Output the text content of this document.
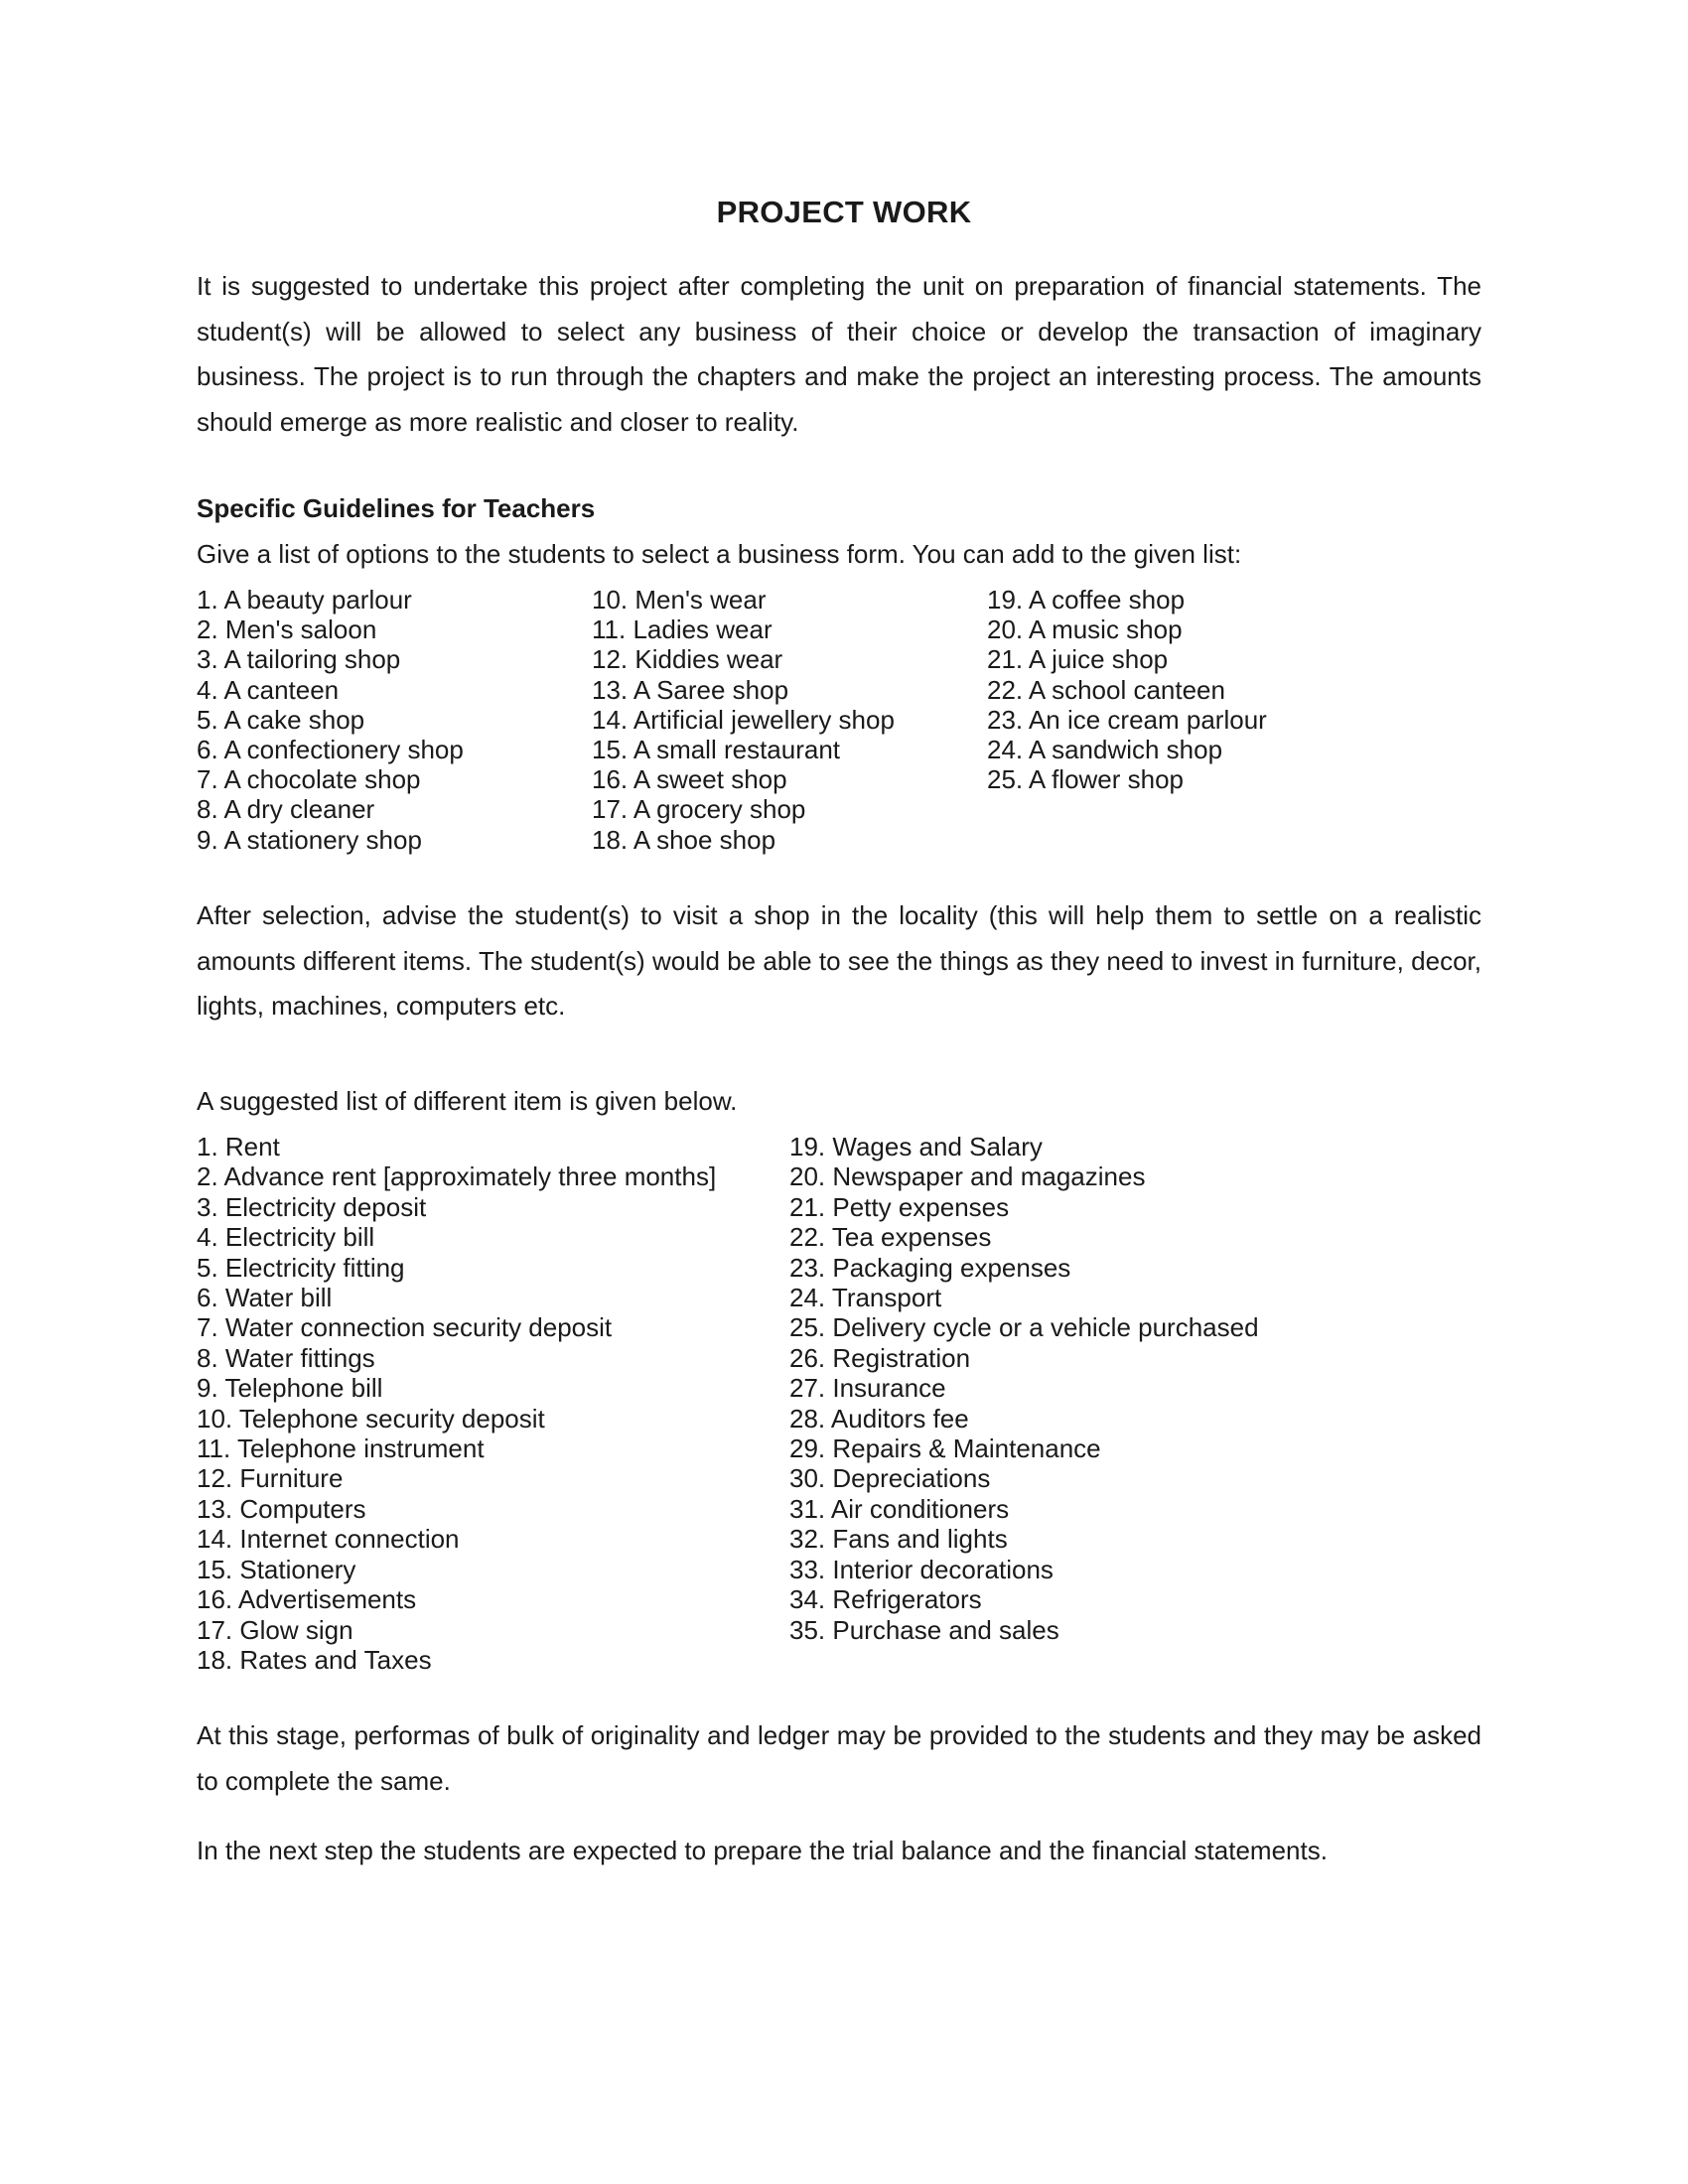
PROJECT WORK

It is suggested to undertake this project after completing the unit on preparation of financial statements. The student(s) will be allowed to select any business of their choice or develop the transaction of imaginary business. The project is to run through the chapters and make the project an interesting process. The amounts should emerge as more realistic and closer to reality.

Specific Guidelines for Teachers

Give a list of options to the students to select a business form. You can add to the given list:

1. A beauty parlour
2. Men's saloon
3. A tailoring shop
4. A canteen
5. A cake shop
6. A confectionery shop
7. A chocolate shop
8. A dry cleaner
9. A stationery shop
10. Men's wear
11. Ladies wear
12. Kiddies wear
13. A Saree shop
14. Artificial jewellery shop
15. A small restaurant
16. A sweet shop
17. A grocery shop
18. A shoe shop
19. A coffee shop
20. A music shop
21. A juice shop
22. A school canteen
23. An ice cream parlour
24. A sandwich shop
25. A flower shop

After selection, advise the student(s) to visit a shop in the locality (this will help them to settle on a realistic amounts different items. The student(s) would be able to see the things as they need to invest in furniture, decor, lights, machines, computers etc.

A suggested list of different item is given below.

1. Rent
2. Advance rent [approximately three months]
3. Electricity deposit
4. Electricity bill
5. Electricity fitting
6. Water bill
7. Water connection security deposit
8. Water fittings
9. Telephone bill
10. Telephone security deposit
11. Telephone instrument
12. Furniture
13. Computers
14. Internet connection
15. Stationery
16. Advertisements
17. Glow sign
18. Rates and Taxes
19. Wages and Salary
20. Newspaper and magazines
21. Petty expenses
22. Tea expenses
23. Packaging expenses
24. Transport
25. Delivery cycle or a vehicle purchased
26. Registration
27. Insurance
28. Auditors fee
29. Repairs & Maintenance
30. Depreciations
31. Air conditioners
32. Fans and lights
33. Interior decorations
34. Refrigerators
35. Purchase and sales

At this stage, performas of bulk of originality and ledger may be provided to the students and they may be asked to complete the same.

In the next step the students are expected to prepare the trial balance and the financial statements.
